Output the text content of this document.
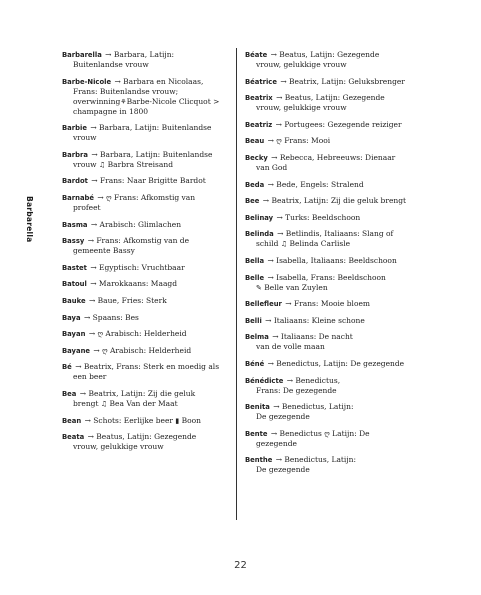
Barbarella
Barbarella → Barbara, Latijn:
Buitenlandse vrouw
Barbe-Nicole → Barbara en Nicolaas,
Frans: Buitenlandse vrouw;
overwinning⚘Barbe-Nicole Clicquot >
champagne in 1800
Barbie → Barbara, Latijn: Buitenlandse
vrouw
Barbra → Barbara, Latijn: Buitenlandse
vrouw ♫ Barbra Streisand
Bardot → Frans: Naar Brigitte Bardot
Barnabé → ღ Frans: Afkomstig van
profeet
Basma → Arabisch: Glimlachen
Bassy → Frans: Afkomstig van de
gemeente Bassy
Bastet → Egyptisch: Vruchtbaar
Batoul → Marokkaans: Maagd
Bauke → Baue, Fries: Sterk
Baya → Spaans: Bes
Bayan → ღ Arabisch: Helderheid
Bayane → ღ Arabisch: Helderheid
Bé → Beatrix, Frans: Sterk en moedig als
een beer
Bea → Beatrix, Latijn: Zij die geluk
brengt ♫ Bea Van der Maat
Bean → Schots: Eerlijke beer ▮ Boon
Beata → Beatus, Latijn: Gezegende
vrouw, gelukkige vrouw
Béate → Beatus, Latijn: Gezegende
vrouw, gelukkige vrouw
Béatrice → Beatrix, Latijn: Geluksbrenger
Beatrix → Beatus, Latijn: Gezegende
vrouw, gelukkige vrouw
Beatriz → Portugees: Gezegende reiziger
Beau → ღ Frans: Mooi
Becky → Rebecca, Hebreeuws: Dienaar
van God
Beda → Bede, Engels: Stralend
Bee → Beatrix, Latijn: Zij die geluk brengt
Belinay → Turks: Beeldschoon
Belinda → Betlindis, Italiaans: Slang of
schild ♫ Belinda Carlisle
Bella → Isabella, Italiaans: Beeldschoon
Belle → Isabella, Frans: Beeldschoon
✎ Belle van Zuylen
Bellefleur → Frans: Mooie bloem
Belli → Italiaans: Kleine schone
Belma → Italiaans: De nacht
van de volle maan
Béné → Benedictus, Latijn: De gezegende
Bénédicte → Benedictus,
Frans: De gezegende
Benita → Benedictus, Latijn:
De gezegende
Bente → Benedictus ღ Latijn: De
gezegende
Benthe → Benedictus, Latijn:
De gezegende
22
